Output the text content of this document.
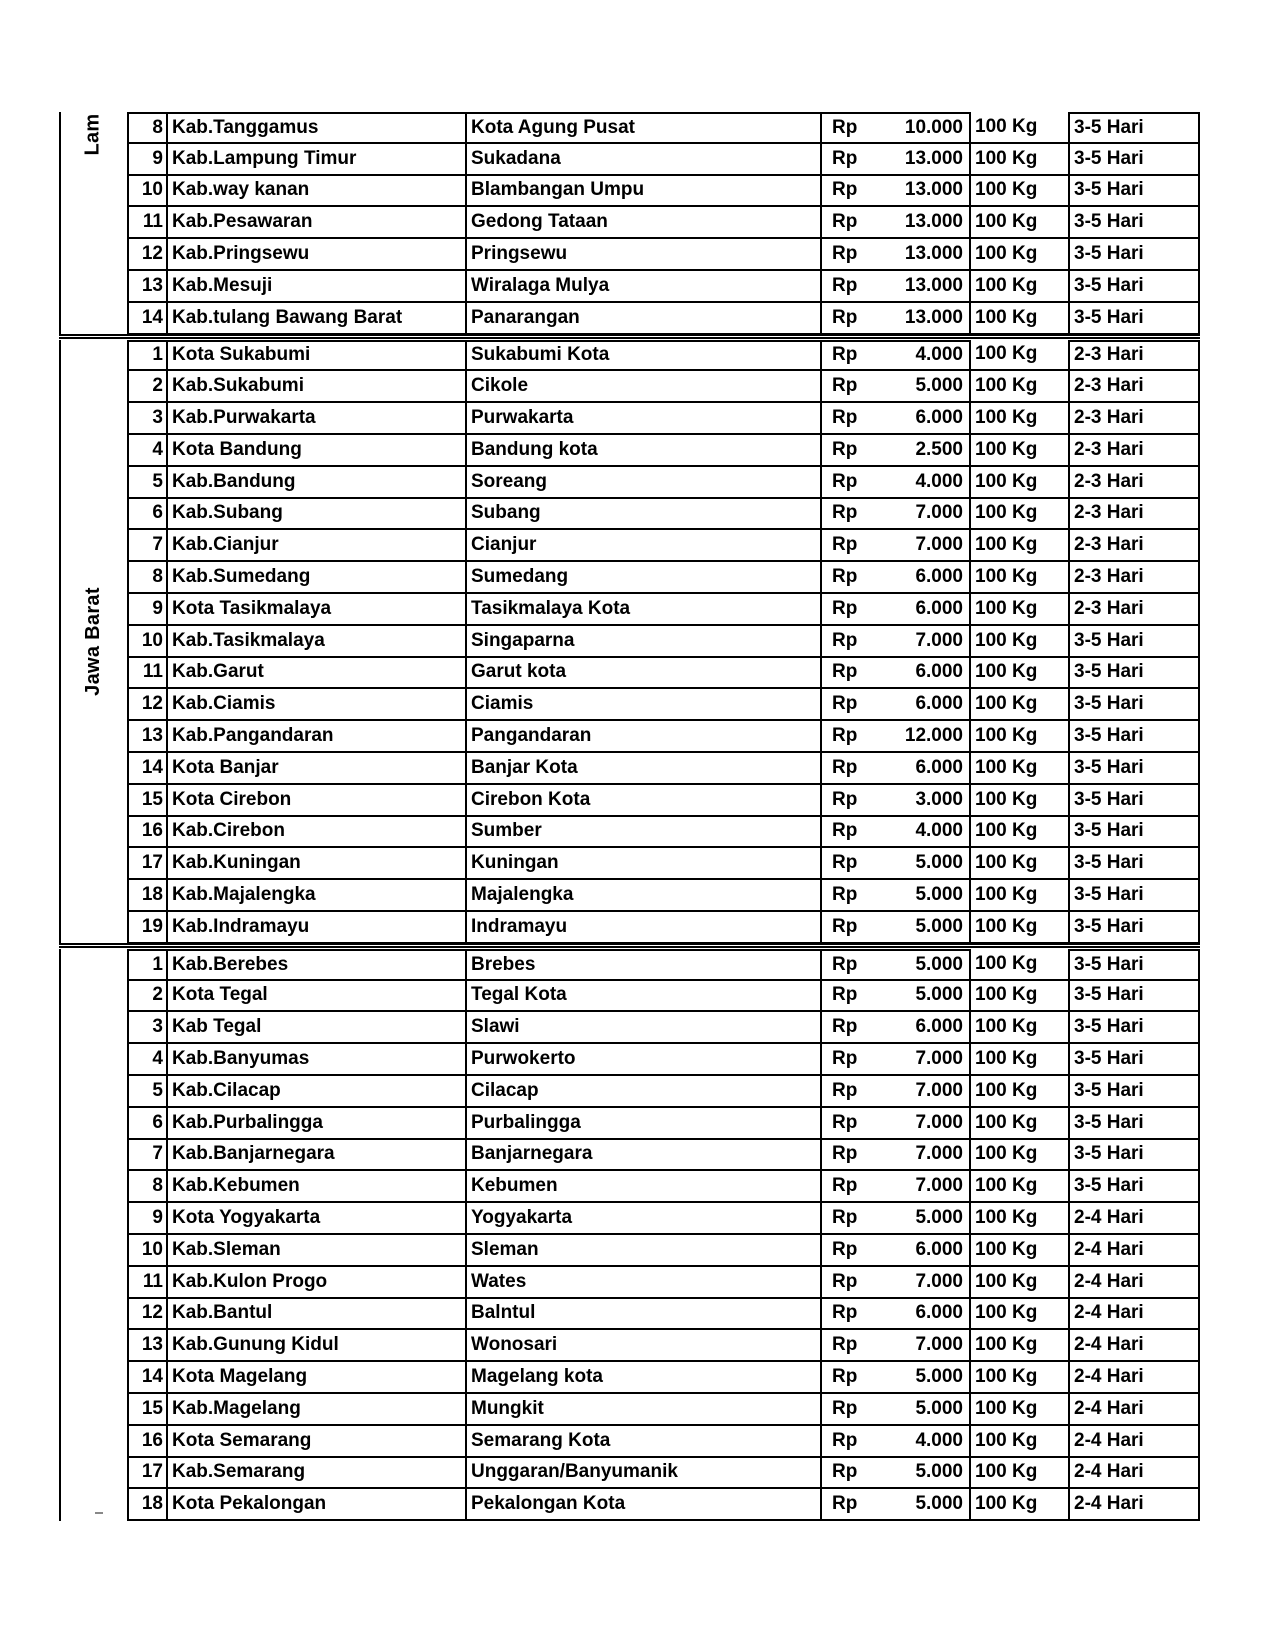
Lam
Jawa Barat
8 Kab.Tanggamus	Kota Agung Pusat	Rp	10.000 100 Kg	3-5 Hari
9 Kab.Lampung Timur	Sukadana	Rp	13.000 100 Kg	3-5 Hari
10 Kab.way kanan	Blambangan Umpu	Rp	13.000 100 Kg	3-5 Hari
11 Kab.Pesawaran	Gedong Tataan	Rp	13.000 100 Kg	3-5 Hari
12 Kab.Pringsewu	Pringsewu	Rp	13.000 100 Kg	3-5 Hari
13 Kab.Mesuji	Wiralaga Mulya	Rp	13.000 100 Kg	3-5 Hari
14 Kab.tulang Bawang Barat	Panarangan	Rp	13.000 100 Kg	3-5 Hari
1 Kota Sukabumi	Sukabumi Kota	Rp	4.000 100 Kg	2-3 Hari
2 Kab.Sukabumi	Cikole	Rp	5.000 100 Kg	2-3 Hari
3 Kab.Purwakarta	Purwakarta	Rp	6.000 100 Kg	2-3 Hari
4 Kota Bandung	Bandung kota	Rp	2.500 100 Kg	2-3 Hari
5 Kab.Bandung	Soreang	Rp	4.000 100 Kg	2-3 Hari
6 Kab.Subang	Subang	Rp	7.000 100 Kg	2-3 Hari
7 Kab.Cianjur	Cianjur	Rp	7.000 100 Kg	2-3 Hari
8 Kab.Sumedang	Sumedang	Rp	6.000 100 Kg	2-3 Hari
9 Kota Tasikmalaya	Tasikmalaya Kota	Rp	6.000 100 Kg	2-3 Hari
10 Kab.Tasikmalaya	Singaparna	Rp	7.000 100 Kg	3-5 Hari
11 Kab.Garut	Garut kota	Rp	6.000 100 Kg	3-5 Hari
12 Kab.Ciamis	Ciamis	Rp	6.000 100 Kg	3-5 Hari
13 Kab.Pangandaran	Pangandaran	Rp	12.000 100 Kg	3-5 Hari
14 Kota Banjar	Banjar Kota	Rp	6.000 100 Kg	3-5 Hari
15 Kota Cirebon	Cirebon Kota	Rp	3.000 100 Kg	3-5 Hari
16 Kab.Cirebon	Sumber	Rp	4.000 100 Kg	3-5 Hari
17 Kab.Kuningan	Kuningan	Rp	5.000 100 Kg	3-5 Hari
18 Kab.Majalengka	Majalengka	Rp	5.000 100 Kg	3-5 Hari
19 Kab.Indramayu	Indramayu	Rp	5.000 100 Kg	3-5 Hari
1 Kab.Berebes	Brebes	Rp	5.000 100 Kg	3-5 Hari
2 Kota Tegal	Tegal Kota	Rp	5.000 100 Kg	3-5 Hari
3 Kab Tegal	Slawi	Rp	6.000 100 Kg	3-5 Hari
4 Kab.Banyumas	Purwokerto	Rp	7.000 100 Kg	3-5 Hari
5 Kab.Cilacap	Cilacap	Rp	7.000 100 Kg	3-5 Hari
6 Kab.Purbalingga	Purbalingga	Rp	7.000 100 Kg	3-5 Hari
7 Kab.Banjarnegara	Banjarnegara	Rp	7.000 100 Kg	3-5 Hari
8 Kab.Kebumen	Kebumen	Rp	7.000 100 Kg	3-5 Hari
9 Kota Yogyakarta	Yogyakarta	Rp	5.000 100 Kg	2-4 Hari
10 Kab.Sleman	Sleman	Rp	6.000 100 Kg	2-4 Hari
11 Kab.Kulon Progo	Wates	Rp	7.000 100 Kg	2-4 Hari
12 Kab.Bantul	Balntul	Rp	6.000 100 Kg	2-4 Hari
13 Kab.Gunung Kidul	Wonosari	Rp	7.000 100 Kg	2-4 Hari
14 Kota Magelang	Magelang kota	Rp	5.000 100 Kg	2-4 Hari
15 Kab.Magelang	Mungkit	Rp	5.000 100 Kg	2-4 Hari
16 Kota Semarang	Semarang Kota	Rp	4.000 100 Kg	2-4 Hari
17 Kab.Semarang	Unggaran/Banyumanik	Rp	5.000 100 Kg	2-4 Hari
18 Kota Pekalongan	Pekalongan Kota	Rp	5.000 100 Kg	2-4 Hari
